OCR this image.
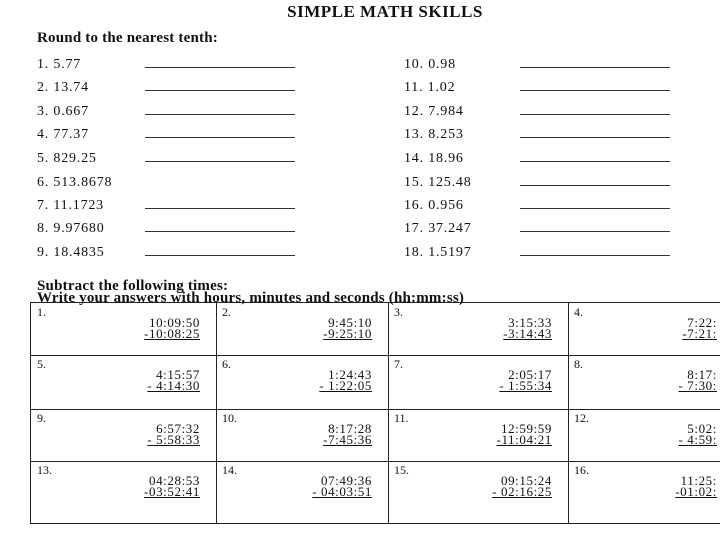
SIMPLE MATH SKILLS
Round to the nearest tenth:
1. 5.77
2. 13.74
3. 0.667
4. 77.37
5. 829.25
6. 513.8678
7. 11.1723
8. 9.97680
9. 18.4835
10. 0.98
11. 1.02
12. 7.984
13. 8.253
14. 18.96
15. 125.48
16. 0.956
17. 37.247
18. 1.5197
Subtract the following times:
Write your answers with hours, minutes and seconds (hh:mm:ss)
1.
10:09:50
-10:08:25
2.
9:45:10
-9:25:10
3.
3:15:33
-3:14:43
4.
7:22:
-7:21:
5.
4:15:57
- 4:14:30
6.
1:24:43
- 1:22:05
7.
2:05:17
- 1:55:34
8.
8:17:
- 7:30:
9.
6:57:32
- 5:58:33
10.
8:17:28
-7:45:36
11.
12:59:59
-11:04:21
12.
5:02:
- 4:59:
13.
04:28:53
-03:52:41
14.
07:49:36
- 04:03:51
15.
09:15:24
- 02:16:25
16.
11:25:
-01:02:
